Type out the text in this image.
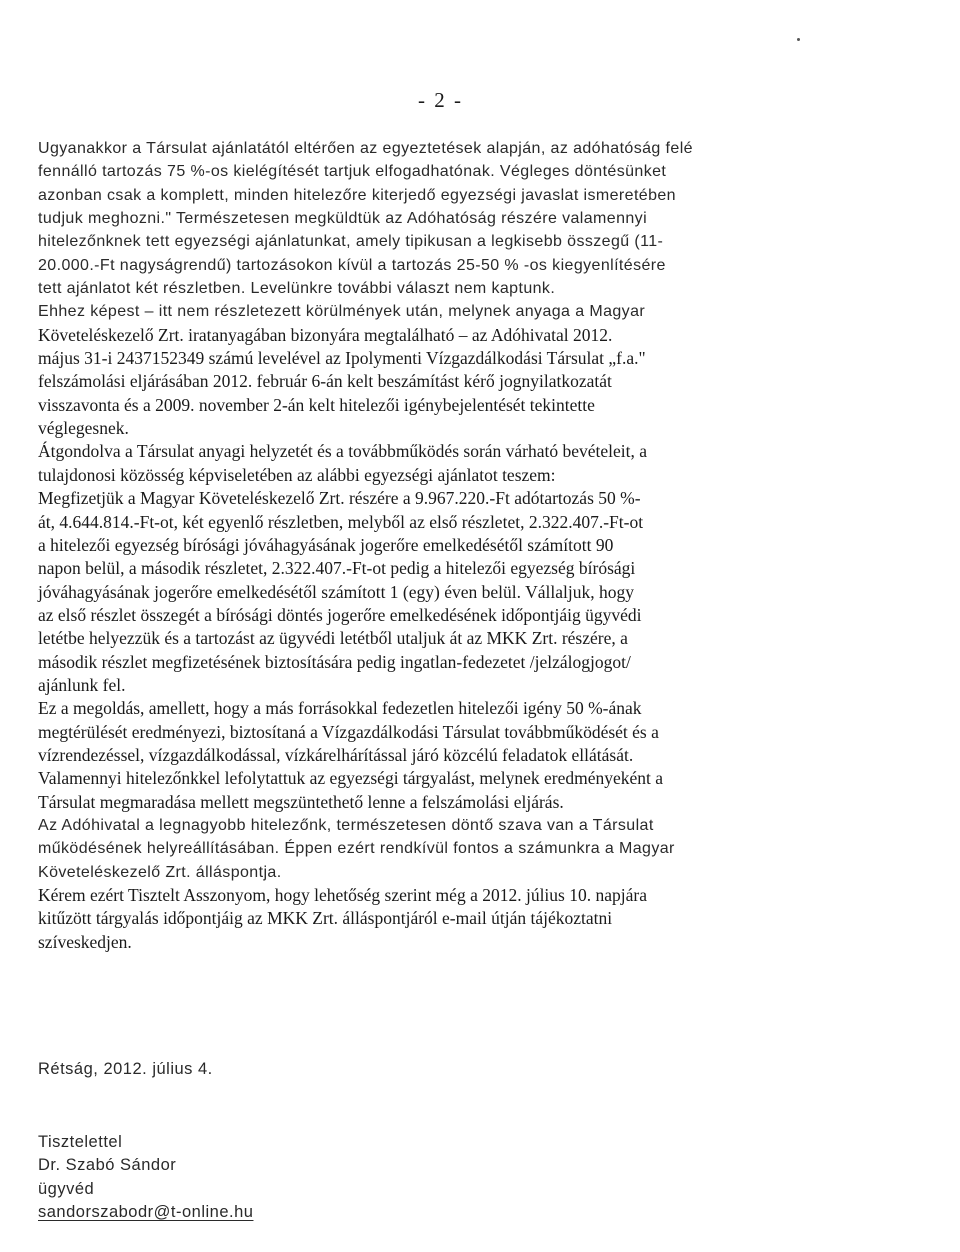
- 2 -
Ugyanakkor a Társulat ajánlatától eltérően az egyeztetések alapján, az adóhatóság felé
fennálló tartozás 75 %-os kielégítését tartjuk elfogadhatónak. Végleges döntésünket
azonban csak a komplett, minden hitelezőre kiterjedő egyezségi javaslat ismeretében
tudjuk meghozni." Természetesen megküldtük az Adóhatóság részére valamennyi
hitelezőnknek tett egyezségi ajánlatunkat, amely tipikusan a legkisebb összegű (11-
20.000.-Ft nagyságrendű) tartozásokon kívül a tartozás 25-50 % -os kiegyenlítésére
tett ajánlatot két részletben. Levelünkre további választ nem kaptunk.
Ehhez képest – itt nem részletezett körülmények után, melynek anyaga a Magyar
Követeléskezelő Zrt. iratanyagában bizonyára megtalálható – az Adóhivatal 2012.
május 31-i 2437152349 számú levelével az Ipolymenti Vízgazdálkodási Társulat „f.a."
felszámolási eljárásában 2012. február 6-án kelt beszámítást kérő jognyilatkozatát
visszavonta és a 2009. november 2-án kelt hitelezői igénybejelentését tekintette
véglegesnek.
Átgondolva a Társulat anyagi helyzetét és a továbbműködés során várható bevételeit, a
tulajdonosi közösség képviseletében az alábbi egyezségi ajánlatot teszem:
Megfizetjük a Magyar Követeléskezelő Zrt. részére a 9.967.220.-Ft adótartozás 50 %-
át, 4.644.814.-Ft-ot, két egyenlő részletben, melyből az első részletet, 2.322.407.-Ft-ot
a hitelezői egyezség bírósági jóváhagyásának jogerőre emelkedésétől számított 90
napon belül, a második részletet, 2.322.407.-Ft-ot pedig a hitelezői egyezség bírósági
jóváhagyásának jogerőre emelkedésétől számított 1 (egy) éven belül. Vállaljuk, hogy
az első részlet összegét a bírósági döntés jogerőre emelkedésének időpontjáig ügyvédi
letétbe helyezzük és a tartozást az ügyvédi letétből utaljuk át az MKK Zrt. részére, a
második részlet megfizetésének biztosítására pedig ingatlan-fedezetet /jelzálogjogot/
ajánlunk fel.
Ez a megoldás, amellett, hogy a más forrásokkal fedezetlen hitelezői igény 50 %-ának
megtérülését eredményezi, biztosítaná a Vízgazdálkodási Társulat továbbműködését és a
vízrendezéssel, vízgazdálkodással, vízkárelhárítással járó közcélú feladatok ellátását.
Valamennyi hitelezőnkkel lefolytattuk az egyezségi tárgyalást, melynek eredményeként a
Társulat megmaradása mellett megszüntethető lenne a felszámolási eljárás.
Az Adóhivatal a legnagyobb hitelezőnk, természetesen döntő szava van a Társulat
működésének helyreállításában. Éppen ezért rendkívül fontos a számunkra a Magyar
Követeléskezelő Zrt. álláspontja.
Kérem ezért Tisztelt Asszonyom, hogy lehetőség szerint még a 2012. július 10. napjára
kitűzött tárgyalás időpontjáig az MKK Zrt. álláspontjáról e-mail útján tájékoztatni
szíveskedjen.
Rétság, 2012. július 4.
Tisztelettel
Dr. Szabó Sándor
ügyvéd
sandorszabodr@t-online.hu
